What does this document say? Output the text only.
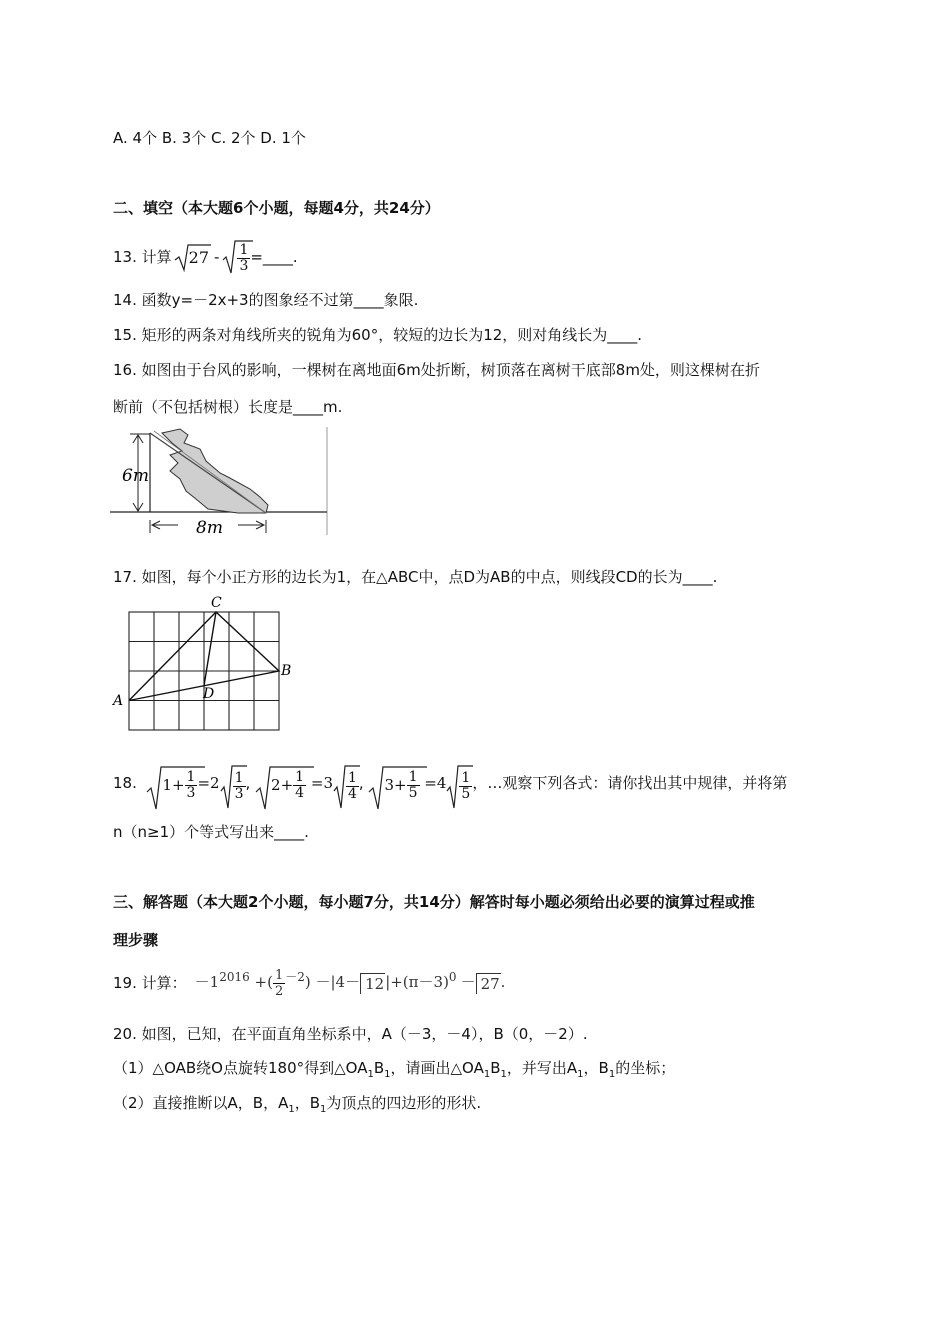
A. 4个 B. 3个 C. 2个 D. 1个
二、填空（本大题6个小题，每题4分，共24分）
13.
计算	$27 - \frac{1}{3}$ =____.
14. 函数y=－2x+3的图象经不过第____象限.
15. 矩形的两条对角线所夹的锐角为60°，较短的边长为12，则对角线长为____.
16. 如图由于台风的影响，一棵树在离地面6m处折断，树顶落在离树干底部8m处，则这棵树在折
断前（不包括树根）长度是____m.
6m
8m
17. 如图，每个小正方形的边长为1，在△ABC中，点D为AB的中点，则线段CD的长为____.
C
B
A	D
18.
$1 + \frac{1}{3} = 2 \frac{1}{3}$ , $2 + \frac{1}{4} = 3 \frac{1}{4}$ , $3 + \frac{1}{5} = 4 \frac{1}{5}$ ，…观察下列各式：请你找出其中规律，并将第
n（n≥1）个等式写出来____.
三、解答题（本大题2个小题，每小题7分，共14分）解答时每小题必须给出必要的演算过程或推
理步骤
19.
计算： $-1^{2016}$ +( $\frac{1}{2} ^{-2}) -|4- 12|+(\pi-3)^0 - 27$.
20. 如图，已知，在平面直角坐标系中，A（－3，－4），B（0，－2）.
（1）△OAB绕O点旋转180°得到$\triangle OA_1B_1$，请画出$\triangle OA_1B_1$，并写出$A_1$，$B_1$的坐标；
（2）直接推断以A，B，$A_1$，$B_1$为顶点的四边形的形状.
